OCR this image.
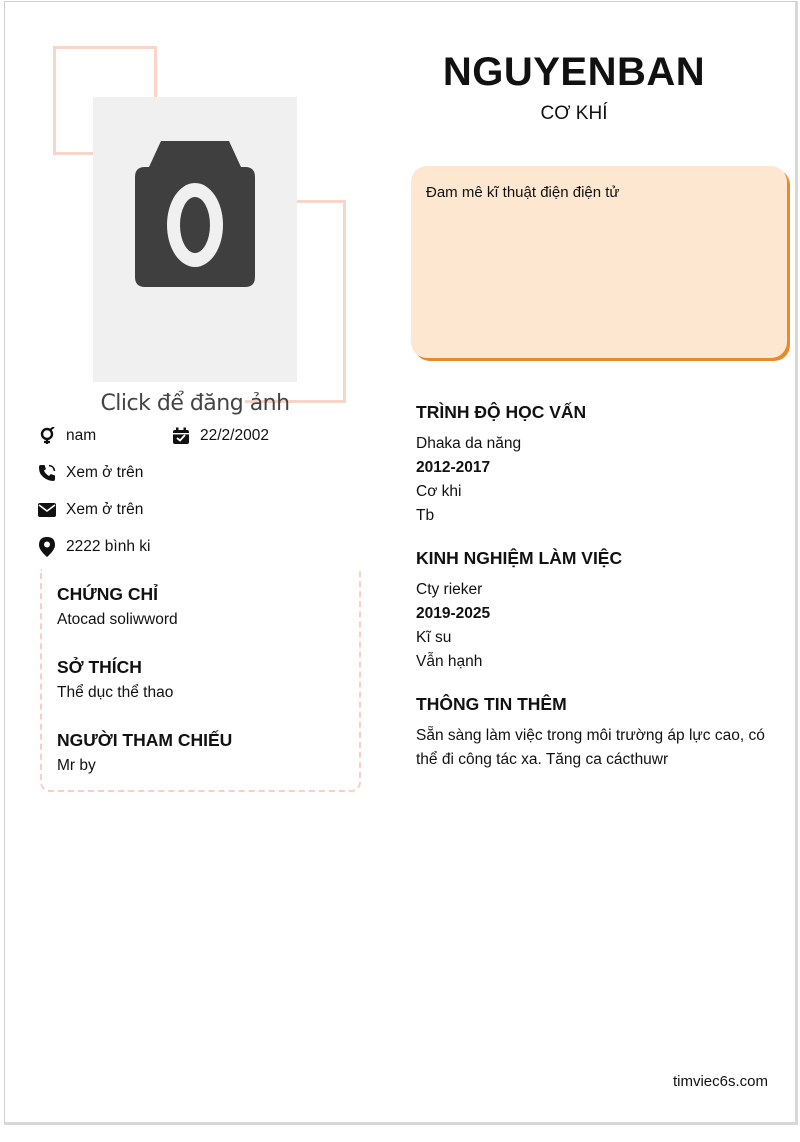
Click để đăng ảnh
NGUYENBAN
CƠ KHÍ
Đam mê kĩ thuật điện điện tử
nam	22/2/2002
Xem ở trên
Xem ở trên
2222 bình ki
CHỨNG CHỈ
Atocad soliwword
SỞ THÍCH
Thể dục thể thao
NGƯỜI THAM CHIẾU
Mr by
TRÌNH ĐỘ HỌC VẤN
Dhaka da năng
2012-2017
Cơ khi
Tb
KINH NGHIỆM LÀM VIỆC
Cty rieker
2019-2025
Kĩ su
Vẫn hạnh
THÔNG TIN THÊM
Sẵn sàng làm việc trong môi trường áp lực cao, có
thể đi công tác xa. Tăng ca cácthuwr
timviec6s.com
